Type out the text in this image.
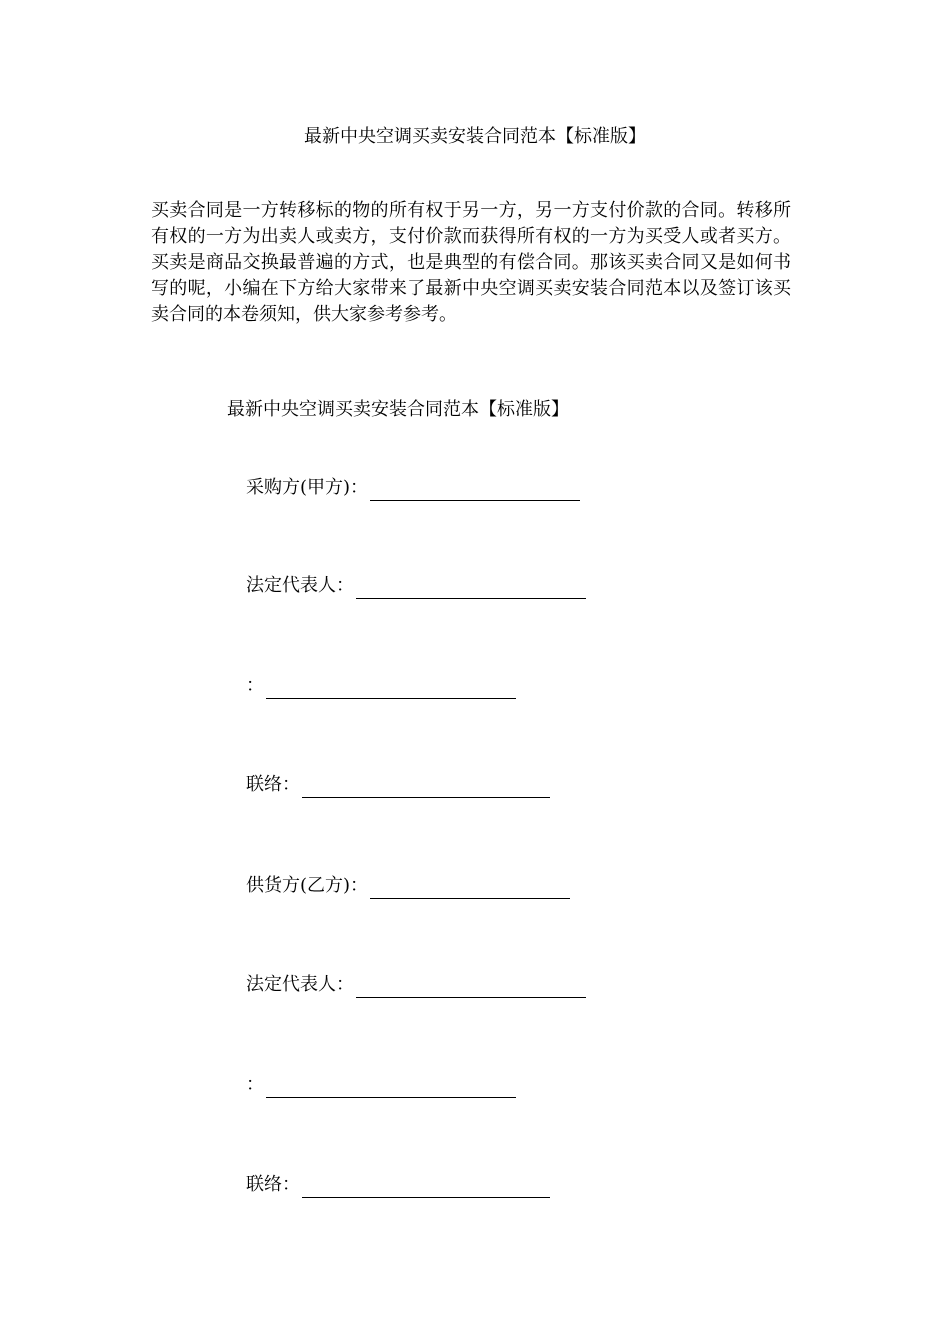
最新中央空调买卖安装合同范本【标准版】

买卖合同是一方转移标的物的所有权于另一方，另一方支付价款的合同。转移所有权的一方为出卖人或卖方，支付价款而获得所有权的一方为买受人或者买方。买卖是商品交换最普遍的方式，也是典型的有偿合同。那该买卖合同又是如何书写的呢，小编在下方给大家带来了最新中央空调买卖安装合同范本以及签订该买卖合同的本卷须知，供大家参考参考。

最新中央空调买卖安装合同范本【标准版】
采购方(甲方)：
法定代表人：
：
联络：
供货方(乙方)：
法定代表人：
：
联络：
